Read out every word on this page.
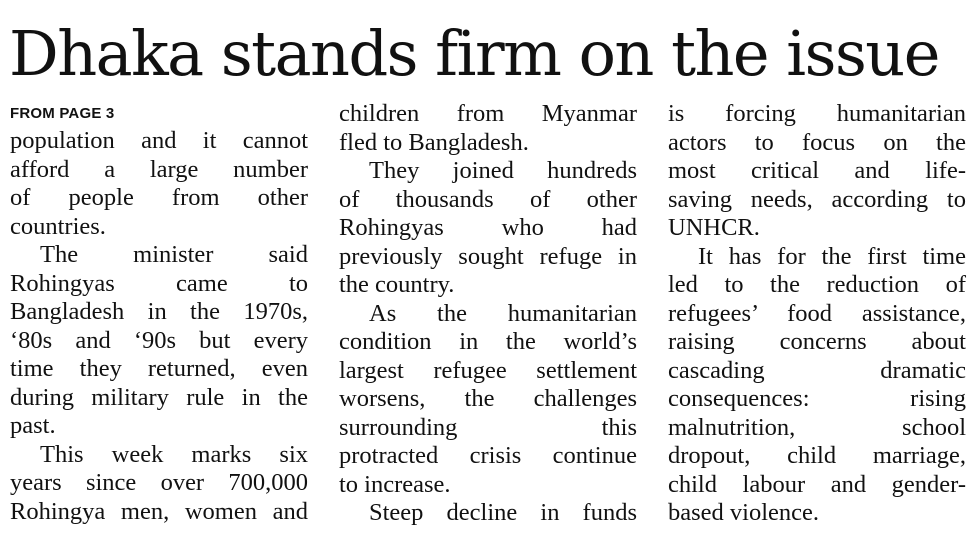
Dhaka stands firm on the issue
FROM PAGE 3
population and it cannot
afford a large number
of people from other
countries.
The minister said
Rohingyas came to
Bangladesh in the 1970s,
‘80s and ‘90s but every
time they returned, even
during military rule in the
past.
This week marks six
years since over 700,000
Rohingya men, women and
children from Myanmar
fled to Bangladesh.
They joined hundreds
of thousands of other
Rohingyas who had
previously sought refuge in
the country.
As the humanitarian
condition in the world’s
largest refugee settlement
worsens, the challenges
surrounding this
protracted crisis continue
to increase.
Steep decline in funds
is forcing humanitarian
actors to focus on the
most critical and life-
saving needs, according to
UNHCR.
It has for the first time
led to the reduction of
refugees’ food assistance,
raising concerns about
cascading dramatic
consequences: rising
malnutrition, school
dropout, child marriage,
child labour and gender-
based violence.
